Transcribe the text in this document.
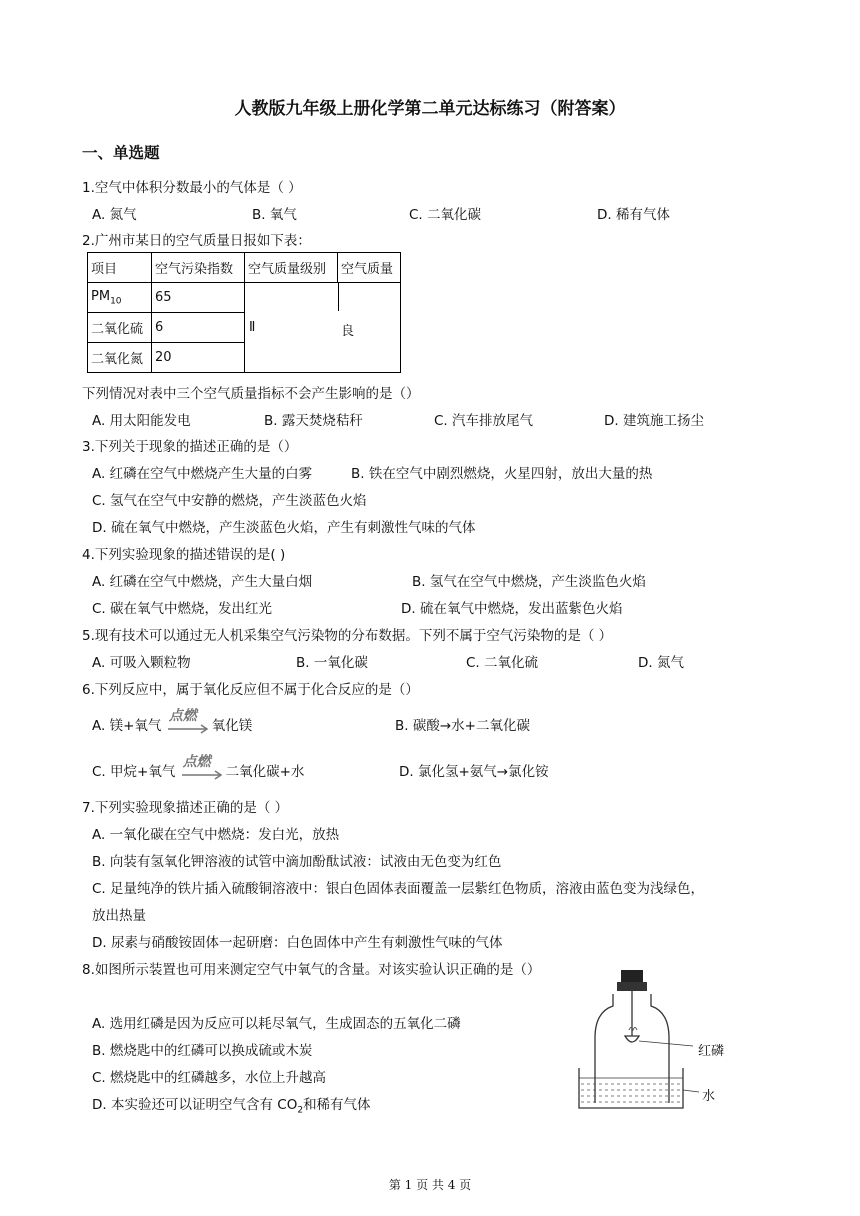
人教版九年级上册化学第二单元达标练习（附答案）
一、单选题
1.空气中体积分数最小的气体是（ ）
A. 氮气	B. 氧气	C. 二氧化碳	D. 稀有气体
2.广州市某日的空气质量日报如下表：
项目	空气污染指数	空气质量级别	空气质量
$PM_{10}$	65	Ⅱ 良	

二氧化硫	6		
二氧化氮	20		
下列情况对表中三个空气质量指标不会产生影响的是（）
A. 用太阳能发电	B. 露天焚烧秸秆	C. 汽车排放尾气	D. 建筑施工扬尘
3.下列关于现象的描述正确的是（）
A. 红磷在空气中燃烧产生大量的白雾	B. 铁在空气中剧烈燃烧，火星四射，放出大量的热
C. 氢气在空气中安静的燃烧，产生淡蓝色火焰
D. 硫在氧气中燃烧，产生淡蓝色火焰，产生有刺激性气味的气体
4.下列实验现象的描述错误的是( )
A. 红磷在空气中燃烧，产生大量白烟	B. 氢气在空气中燃烧，产生淡监色火焰
C. 碳在氧气中燃烧，发出红光	D. 硫在氧气中燃烧，发出蓝紫色火焰
5.现有技术可以通过无人机采集空气污染物的分布数据。下列不属于空气污染物的是（ ）
A. 可吸入颗粒物	B. 一氧化碳	C. 二氧化硫	D. 氮气
6.下列反应中，属于氧化反应但不属于化合反应的是（）
A. 镁+氧气
点燃
氧化镁	B. 碳酸→水+二氧化碳
C. 甲烷+氧气
点燃
二氧化碳+水	D. 氯化氢+氨气→氯化铵
7.下列实验现象描述正确的是（ ）
A. 一氧化碳在空气中燃烧：发白光，放热
B. 向装有氢氧化钾溶液的试管中滴加酚酞试液：试液由无色变为红色
C. 足量纯净的铁片插入硫酸铜溶液中：银白色固体表面覆盖一层紫红色物质，溶液由蓝色变为浅绿色，
放出热量
D. 尿素与硝酸铵固体一起研磨：白色固体中产生有刺激性气味的气体
8.如图所示装置也可用来测定空气中氧气的含量。对该实验认识正确的是（）
A. 选用红磷是因为反应可以耗尽氧气，生成固态的五氧化二磷
B. 燃烧匙中的红磷可以换成硫或木炭
C. 燃烧匙中的红磷越多，水位上升越高
D. 本实验还可以证明空气含有 $CO_2$和稀有气体
红磷
水
第 1 页 共 4 页
